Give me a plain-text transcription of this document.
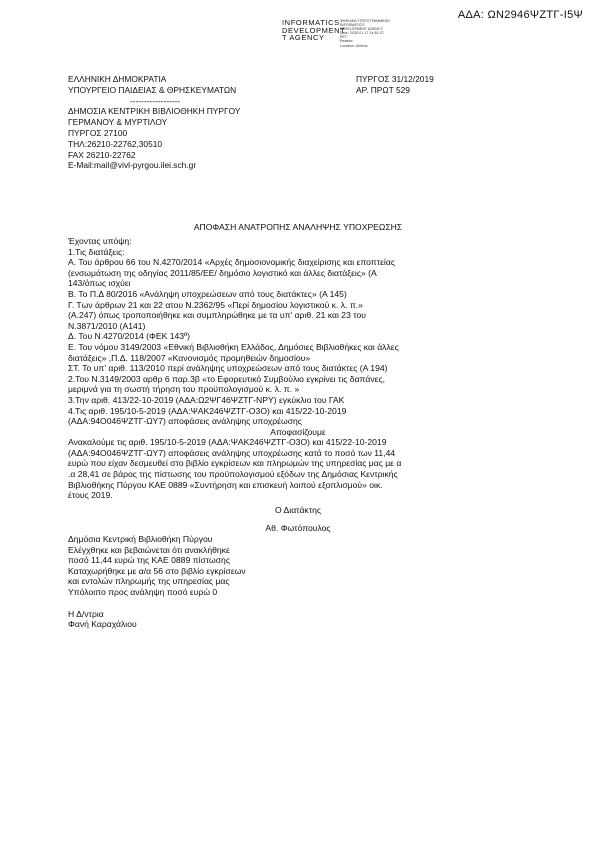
ΑΔΑ: ΩΝ2946ΨΖΤΓ-Ι5Ψ
INFORMATICS
DEVELOPMENT
T AGENCY
ΨΗΦΙΑΚΑ ΥΠΟΓΕΓΡΑΜΜΕΝΟ
INFORMATICS
DEVELOPMENT AGENCY
Date: 2020.01.17 14:51:27
EET
Reason:
Location: Athens
ΕΛΛΗΝΙΚΗ ΔΗΜΟΚΡΑΤΙΑ
ΥΠΟΥΡΓΕΙΟ ΠΑΙΔΕΙΑΣ & ΘΡΗΣΚΕΥΜΑΤΩΝ
------------------
ΔΗΜΟΣΙΑ ΚΕΝΤΡΙΚΗ ΒΙΒΛΙΟΘΗΚΗ ΠΥΡΓΟΥ
ΓΕΡΜΑΝΟΥ & ΜΥΡΤΙΛΟΥ
ΠΥΡΓΟΣ 27100
ΤΗΛ:26210-22762,30510
FAX 26210-22762
E-Mail:mail@vivl-pyrgou.ilei.sch.gr
ΠΥΡΓΟΣ 31/12/2019
ΑΡ. ΠΡΩΤ 529
ΑΠΟΦΑΣΗ ΑΝΑΤΡΟΠΗΣ ΑΝΑΛΗΨΗΣ ΥΠΟΧΡΕΩΣΗΣ
Έχοντας υπόψη:
1.Τις διατάξεις:
Α. Του άρθρου 66 του Ν.4270/2014 «Αρχές δημοσιονομικής διαχείρισης και εποπτείας
(ενσωμάτωση της οδηγίας 2011/85/ΕΕ/ δημόσιο λογιστικό και άλλες διατάξεις» (Α
143/όπως ισχύει
Β. Το Π.Δ 80/2016 «Ανάληψη υποχρεώσεων από τους διατάκτες» (Α 145)
Γ. Των άρθρων 21 και 22 ατου Ν.2362/95 «Περί δημοσίου λογιστικού κ. λ. π.»
(Α.247) όπως τροποποιήθηκε και συμπληρώθηκε με τα υπ' αριθ. 21 και 23 του
Ν.3871/2010 (Α141)
Δ. Του Ν.4270/2014 (ΦΕΚ 143º)
Ε. Του νόμου 3149/2003 «Εθνική Βιβλιοθήκη Ελλάδος, Δημόσιες Βιβλιοθήκες και άλλες
διατάξεις» ,Π.Δ. 118/2007 «Κανονισμός προμηθειών δημοσίου»
ΣΤ. Το υπ' αριθ. 113/2010 περί ανάληψης υποχρεώσεων από τους διατάκτες (Α 194)
2.Του Ν.3149/2003 αρθρ 6 παρ.3β «το Εφορευτικό Συμβούλιο εγκρίνει τις δαπάνες,
μεριμνά για τη σωστή τήρηση του προϋπολογισμού κ. λ. π. »
3.Την αριθ. 413/22-10-2019 (ΑΔΑ:Ω2ΨΓ46ΨΖΤΓ-ΝΡΥ) εγκύκλιο του ΓΑΚ
4.Τις αριθ. 195/10-5-2019 (ΑΔΑ:ΨΑΚ246ΨΖΤΓ-Ο3Ο) και 415/22-10-2019
(ΑΔΑ:94Ο046ΨΖΤΓ-ΩΥ7) αποφάσεις ανάληψης υποχρέωσης
Αποφασίζουμε
Ανακαλούμε τις αριθ. 195/10-5-2019 (ΑΔΑ:ΨΑΚ246ΨΖΤΓ-Ο3Ο) και 415/22-10-2019
(ΑΔΑ:94Ο046ΨΖΤΓ-ΩΥ7) αποφάσεις ανάληψης υποχρέωσης κατά το ποσό των 11,44
ευρώ που είχαν δεσμευθεί στο βιβλίο εγκρίσεων και πληρωμών της υπηρεσίας μας με α
.α 28,41 σε βάρος της πίστωσης του προϋπολογισμού εξόδων της Δημόσιας Κεντρικής
Βιβλιοθήκης Πύργου ΚΑΕ 0889 «Συντήρηση και επισκευή λοιπού εξοπλισμού» οικ.
έτους 2019.
Ο Διατάκτης
Αθ. Φωτόπουλος
Δημόσια Κεντρική Βιβλιοθήκη Πύργου
Ελέγχθηκε και βεβαιώνεται ότι ανακλήθηκε
ποσό 11,44 ευρώ της ΚΑΕ 0889 πίστωσης
Καταχωρήθηκε με α/α 56 στο βιβλίο εγκρίσεων
και εντολών πληρωμής της υπηρεσίας μας
Υπόλοιπο προς ανάληψη ποσό ευρώ 0
Η Δ/ντρια
Φανή Καραχάλιου
